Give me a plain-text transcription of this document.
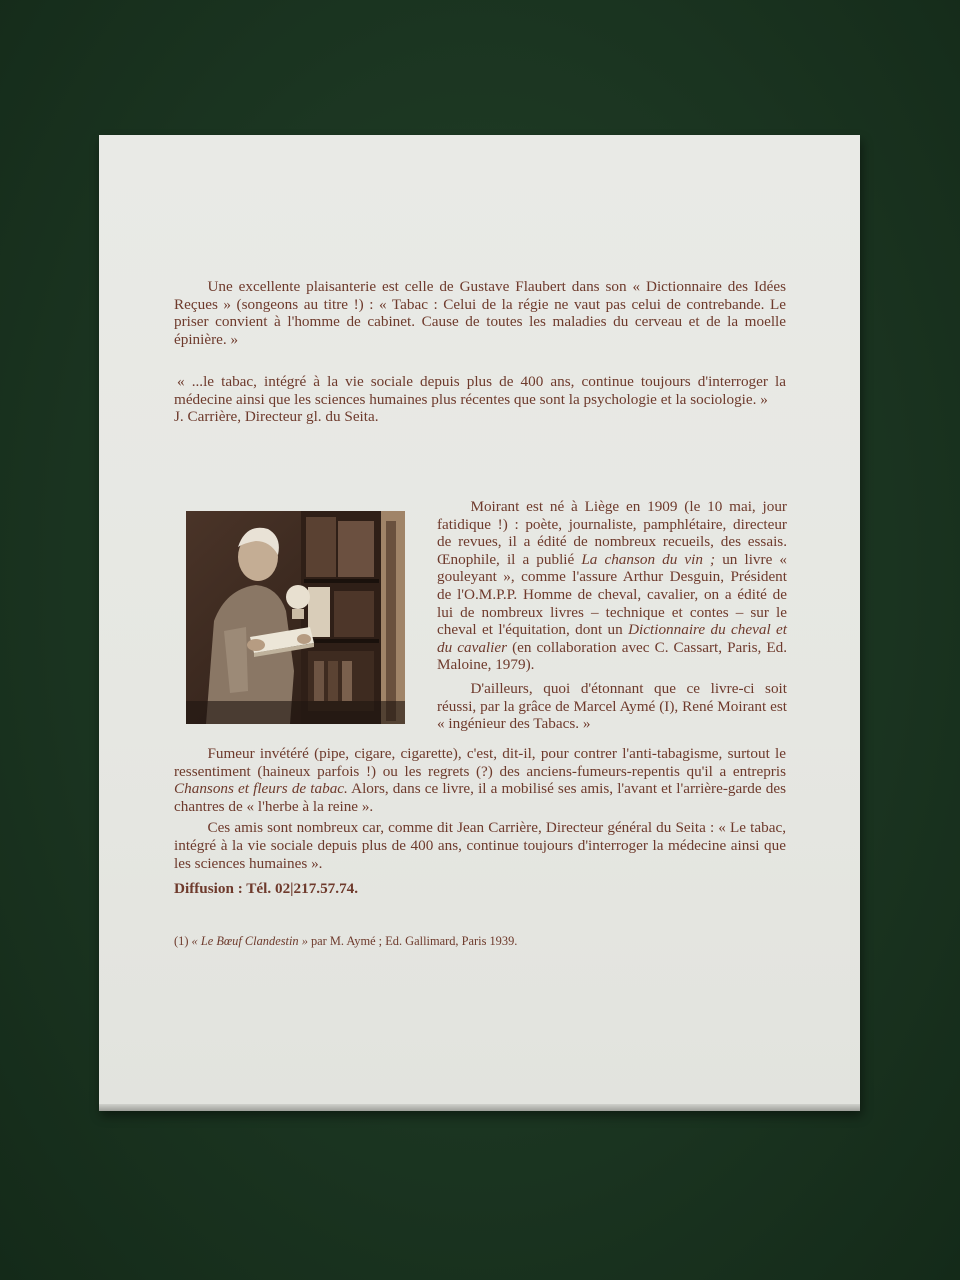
Une excellente plaisanterie est celle de Gustave Flaubert dans son « Dictionnaire des Idées Reçues » (songeons au titre !) : « Tabac : Celui de la régie ne vaut pas celui de contrebande. Le priser convient à l'homme de cabinet. Cause de toutes les maladies du cerveau et de la moelle épinière. »

« ...le tabac, intégré à la vie sociale depuis plus de 400 ans, continue toujours d'interroger la médecine ainsi que les sciences humaines plus récentes que sont la psychologie et la sociologie. »
J. Carrière, Directeur gl. du Seita.

Moirant est né à Liège en 1909 (le 10 mai, jour fatidique !) : poète, journaliste, pamphlétaire, directeur de revues, il a édité de nombreux recueils, des essais. Œnophile, il a publié La chanson du vin ; un livre « gouleyant », comme l'assure Arthur Desguin, Président de l'O.M.P.P. Homme de cheval, cavalier, on a édité de lui de nombreux livres – technique et contes – sur le cheval et l'équitation, dont un Dictionnaire du cheval et du cavalier (en collaboration avec C. Cassart, Paris, Ed. Maloine, 1979).
D'ailleurs, quoi d'étonnant que ce livre-ci soit réussi, par la grâce de Marcel Aymé (I), René Moirant est « ingénieur des Tabacs. »

Fumeur invétéré (pipe, cigare, cigarette), c'est, dit-il, pour contrer l'anti-tabagisme, surtout le ressentiment (haineux parfois !) ou les regrets (?) des anciens-fumeurs-repentis qu'il a entrepris Chansons et fleurs de tabac. Alors, dans ce livre, il a mobilisé ses amis, l'avant et l'arrière-garde des chantres de « l'herbe à la reine ».
Ces amis sont nombreux car, comme dit Jean Carrière, Directeur général du Seita : « Le tabac, intégré à la vie sociale depuis plus de 400 ans, continue toujours d'interroger la médecine ainsi que les sciences humaines ».

Diffusion : Tél. 02|217.57.74.

(1) « Le Bœuf Clandestin » par M. Aymé ; Ed. Gallimard, Paris 1939.
